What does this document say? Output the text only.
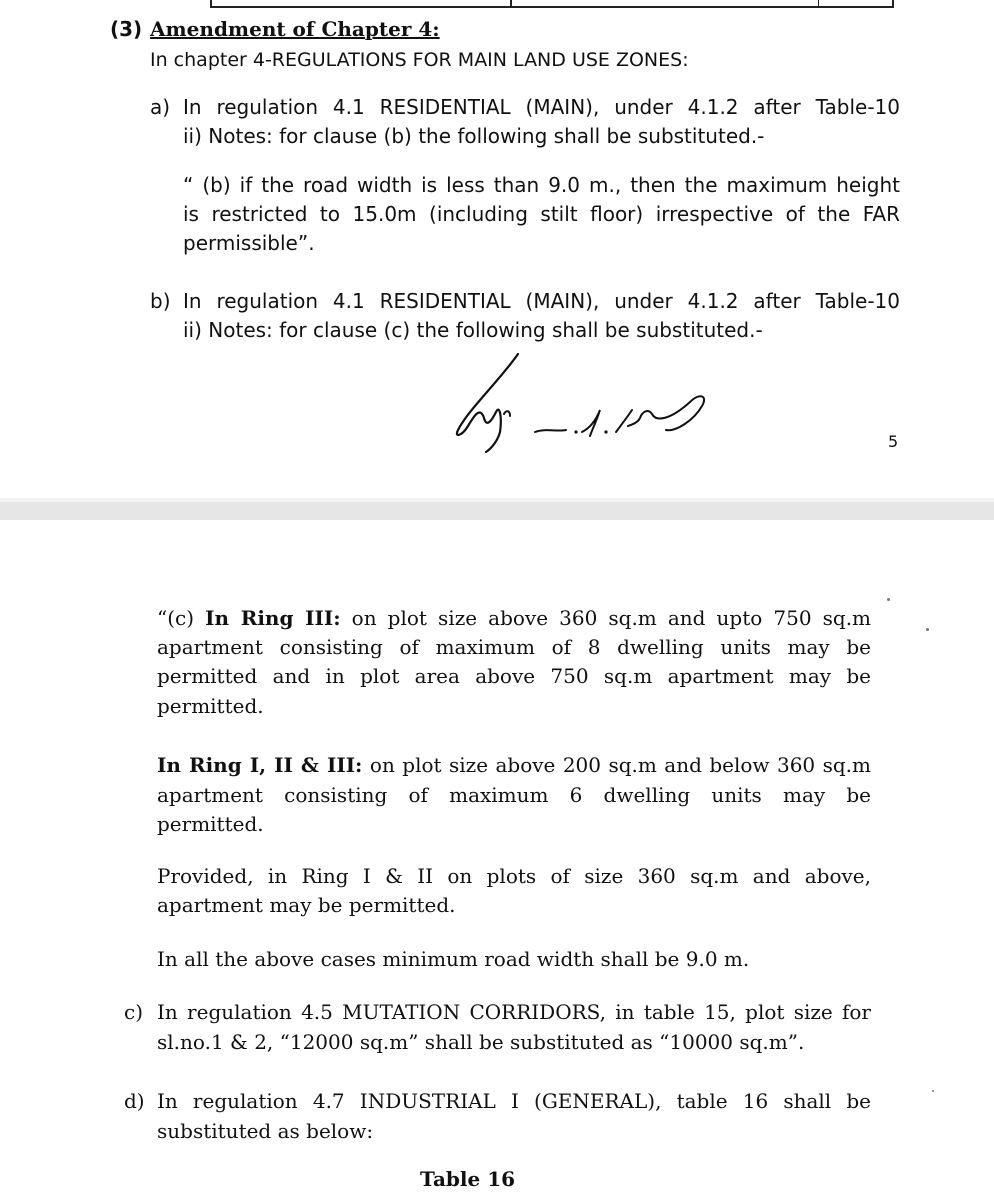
(3) Amendment of Chapter 4:
In chapter 4-REGULATIONS FOR MAIN LAND USE ZONES:
a) In regulation 4.1 RESIDENTIAL (MAIN), under 4.1.2 after Table-10
ii) Notes: for clause (b) the following shall be substituted.-
“ (b) if the road width is less than 9.0 m., then the maximum height
is restricted to 15.0m (including stilt floor) irrespective of the FAR
permissible”.
b) In regulation 4.1 RESIDENTIAL (MAIN), under 4.1.2 after Table-10
ii) Notes: for clause (c) the following shall be substituted.-
5
“(c) In Ring III: on plot size above 360 sq.m and upto 750 sq.m
apartment consisting of maximum of 8 dwelling units may be
permitted and in plot area above 750 sq.m apartment may be
permitted.
In Ring I, II & III: on plot size above 200 sq.m and below 360 sq.m
apartment consisting of maximum 6 dwelling units may be
permitted.
Provided, in Ring I & II on plots of size 360 sq.m and above,
apartment may be permitted.
In all the above cases minimum road width shall be 9.0 m.
c) In regulation 4.5 MUTATION CORRIDORS, in table 15, plot size for
sl.no.1 & 2, “12000 sq.m” shall be substituted as “10000 sq.m”.
d) In regulation 4.7 INDUSTRIAL I (GENERAL), table 16 shall be
substituted as below:
Table 16
